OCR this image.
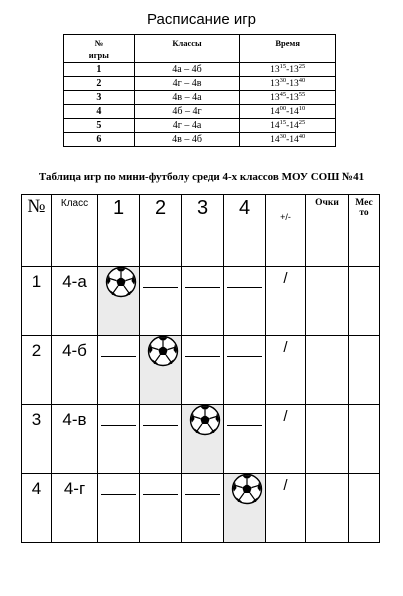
Расписание игр
№
игры	Классы	Время
1	4а – 4б	$13^{15}-13^{25}$
2	4г – 4в	$13^{30}-13^{40}$
3	4в – 4а	$13^{45}-13^{55}$
4	4б – 4г	$14^{00}-14^{10}$
5	4г – 4а	$14^{15}-14^{25}$
6	4в – 4б	$14^{30}-14^{40}$
Таблица игр по мини-футболу среди 4-х классов МОУ СОШ №41
№	Класс	1	2	3	4	+/-	Очки	Мес
то

1	4-а					/		

2	4-б					/		

3	4-в					/		

4	4-г					/		
